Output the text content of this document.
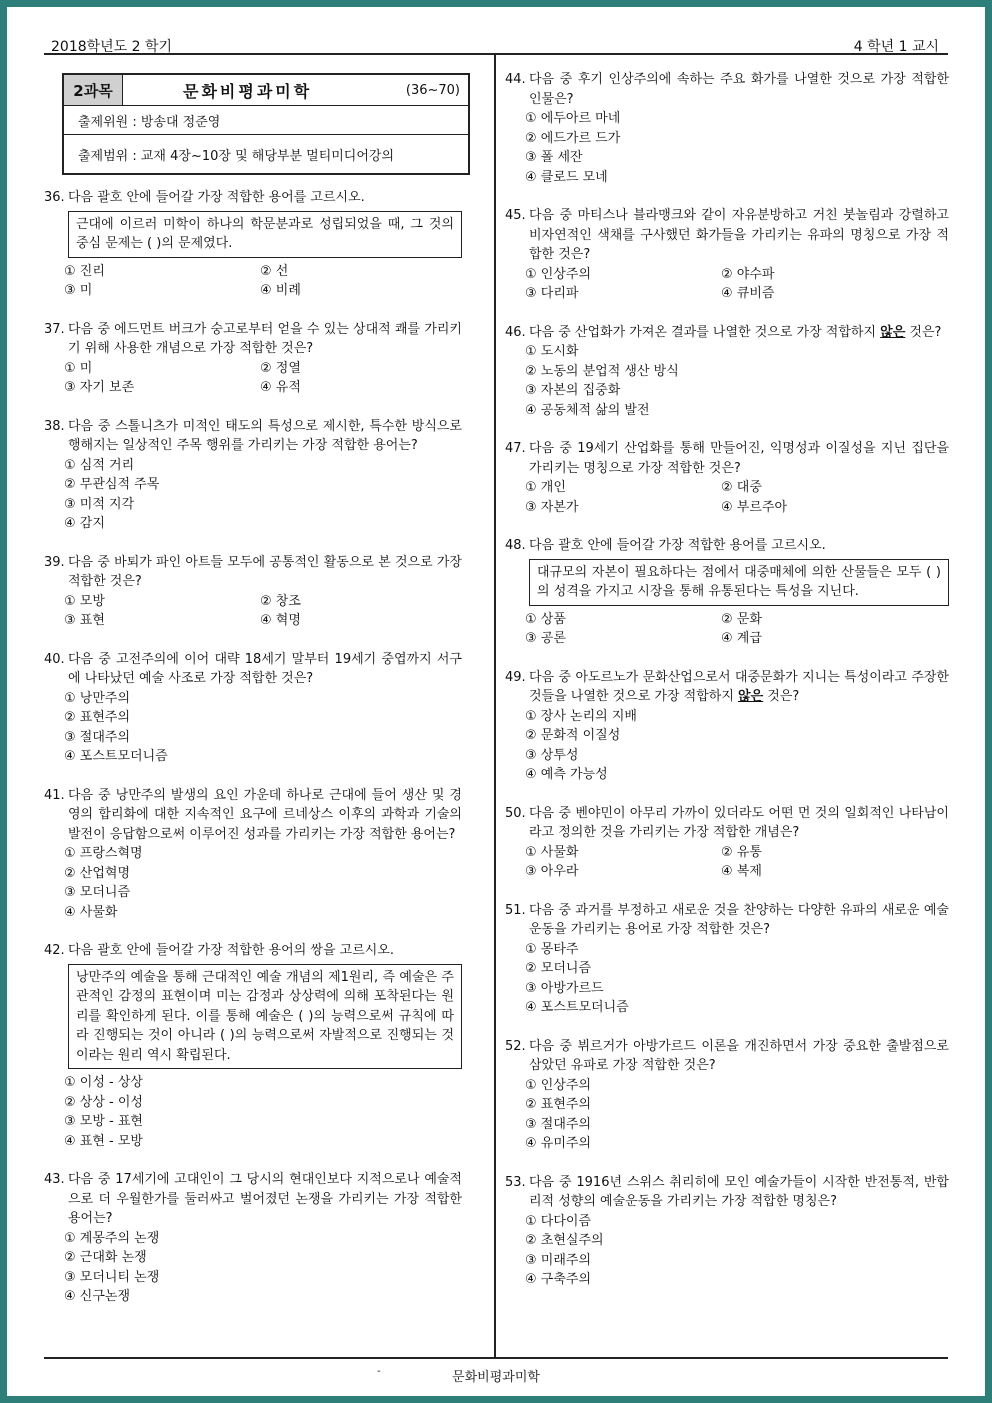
2018학년도 2 학기	4 학년 1 교시
2과목	문화비평과미학	(36~70)
출제위원 : 방송대 정준영
출제범위 : 교재 4장~10장 및 해당부분 멀티미디어강의
36. 다음 괄호 안에 들어갈 가장 적합한 용어를 고르시오.
근대에 이르러 미학이 하나의 학문분과로 성립되었을 때, 그 것의 중심 문제는 ( )의 문제였다.
① 진리	② 선
③ 미	④ 비례
37. 다음 중 에드먼트 버크가 숭고로부터 얻을 수 있는 상대적 쾌를 가리키기 위해 사용한 개념으로 가장 적합한 것은?
① 미	② 정열
③ 자기 보존	④ 유적
38. 다음 중 스톨니츠가 미적인 태도의 특성으로 제시한, 특수한 방식으로 행해지는 일상적인 주목 행위를 가리키는 가장 적합한 용어는?
① 심적 거리
② 무관심적 주목
③ 미적 지각
④ 감지
39. 다음 중 바퇴가 파인 아트들 모두에 공통적인 활동으로 본 것으로 가장 적합한 것은?
① 모방	② 창조
③ 표현	④ 혁명
40. 다음 중 고전주의에 이어 대략 18세기 말부터 19세기 중엽까지 서구에 나타났던 예술 사조로 가장 적합한 것은?
① 낭만주의
② 표현주의
③ 절대주의
④ 포스트모더니즘
41. 다음 중 낭만주의 발생의 요인 가운데 하나로 근대에 들어 생산 및 경영의 합리화에 대한 지속적인 요구에 르네상스 이후의 과학과 기술의 발전이 응답함으로써 이루어진 성과를 가리키는 가장 적합한 용어는?
① 프랑스혁명
② 산업혁명
③ 모더니즘
④ 사물화
42. 다음 괄호 안에 들어갈 가장 적합한 용어의 쌍을 고르시오.
낭만주의 예술을 통해 근대적인 예술 개념의 제1원리, 즉 예술은 주관적인 감정의 표현이며 미는 감정과 상상력에 의해 포착된다는 원리를 확인하게 된다. 이를 통해 예술은 ( )의 능력으로써 규칙에 따라 진행되는 것이 아니라 ( )의 능력으로써 자발적으로 진행되는 것이라는 원리 역시 확립된다.
① 이성 - 상상
② 상상 - 이성
③ 모방 - 표현
④ 표현 - 모방
43. 다음 중 17세기에 고대인이 그 당시의 현대인보다 지적으로나 예술적으로 더 우월한가를 둘러싸고 벌어졌던 논쟁을 가리키는 가장 적합한 용어는?
① 계몽주의 논쟁
② 근대화 논쟁
③ 모더니티 논쟁
④ 신구논쟁
44. 다음 중 후기 인상주의에 속하는 주요 화가를 나열한 것으로 가장 적합한 인물은?
① 에두아르 마네
② 에드가르 드가
③ 폴 세잔
④ 클로드 모네
45. 다음 중 마티스나 블라맹크와 같이 자유분방하고 거친 붓놀림과 강렬하고 비자연적인 색채를 구사했던 화가들을 가리키는 유파의 명칭으로 가장 적합한 것은?
① 인상주의	② 야수파
③ 다리파	④ 큐비즘
46. 다음 중 산업화가 가져온 결과를 나열한 것으로 가장 적합하지 않은 것은?
① 도시화
② 노동의 분업적 생산 방식
③ 자본의 집중화
④ 공동체적 삶의 발전
47. 다음 중 19세기 산업화를 통해 만들어진, 익명성과 이질성을 지닌 집단을 가리키는 명칭으로 가장 적합한 것은?
① 개인	② 대중
③ 자본가	④ 부르주아
48. 다음 괄호 안에 들어갈 가장 적합한 용어를 고르시오.
대규모의 자본이 필요하다는 점에서 대중매체에 의한 산물들은 모두 ( )의 성격을 가지고 시장을 통해 유통된다는 특성을 지닌다.
① 상품	② 문화
③ 공론	④ 계급
49. 다음 중 아도르노가 문화산업으로서 대중문화가 지니는 특성이라고 주장한 것들을 나열한 것으로 가장 적합하지 않은 것은?
① 장사 논리의 지배
② 문화적 이질성
③ 상투성
④ 예측 가능성
50. 다음 중 벤야민이 아무리 가까이 있더라도 어떤 먼 것의 일회적인 나타남이라고 정의한 것을 가리키는 가장 적합한 개념은?
① 사물화	② 유통
③ 아우라	④ 복제
51. 다음 중 과거를 부정하고 새로운 것을 찬양하는 다양한 유파의 새로운 예술운동을 가리키는 용어로 가장 적합한 것은?
① 몽타주
② 모더니즘
③ 아방가르드
④ 포스트모더니즘
52. 다음 중 뷔르거가 아방가르드 이론을 개진하면서 가장 중요한 출발점으로 삼았던 유파로 가장 적합한 것은?
① 인상주의
② 표현주의
③ 절대주의
④ 유미주의
53. 다음 중 1916년 스위스 취리히에 모인 예술가들이 시작한 반전통적, 반합리적 성향의 예술운동을 가리키는 가장 적합한 명칭은?
① 다다이즘
② 초현실주의
③ 미래주의
④ 구축주의
-	문화비평과미학
